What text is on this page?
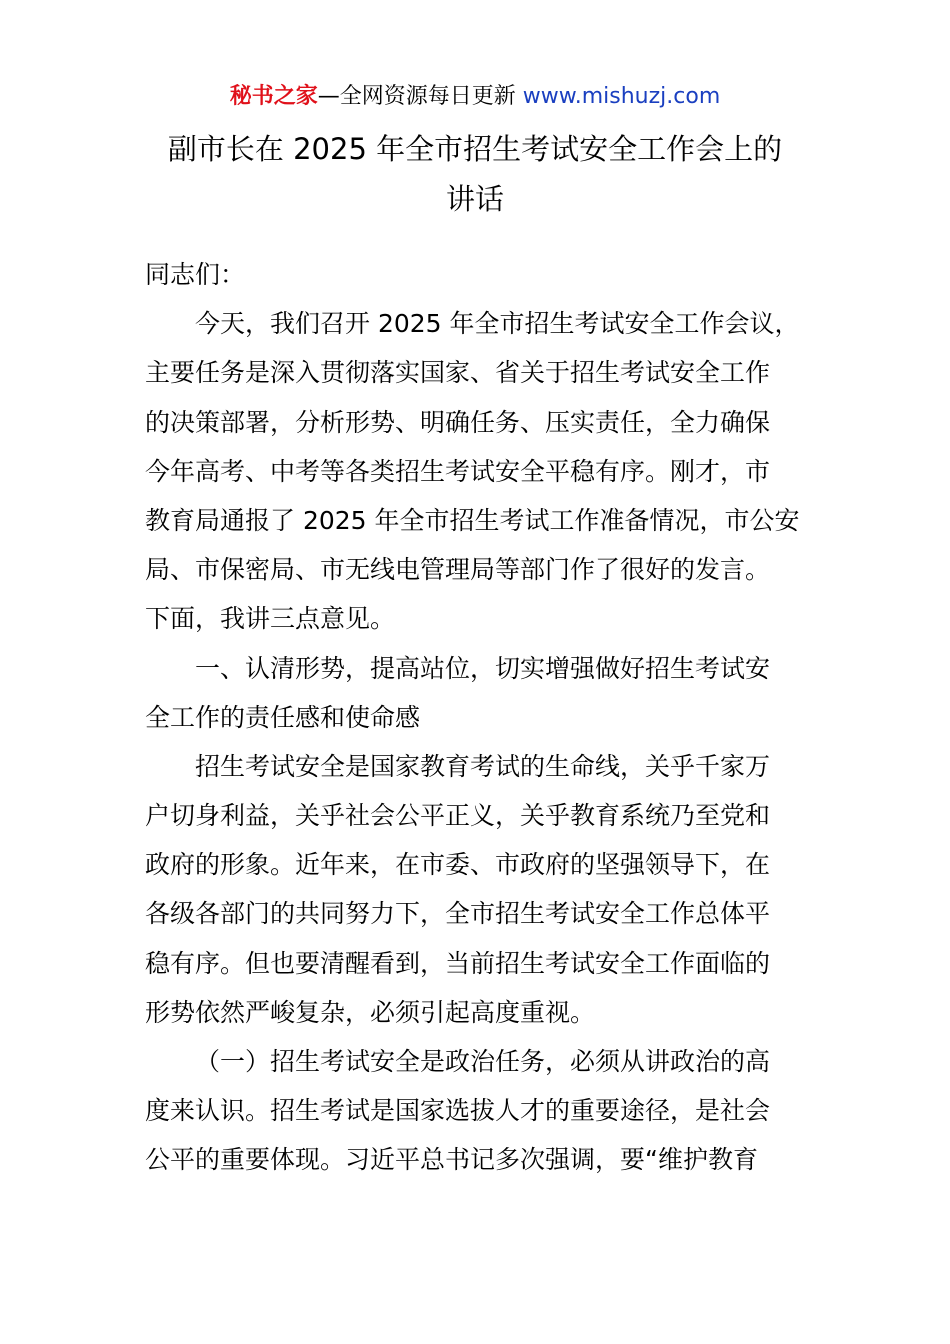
秘书之家—全网资源每日更新 www.mishuzj.com
副市长在 2025 年全市招生考试安全工作会上的
讲话
同志们：
今天，我们召开 2025 年全市招生考试安全工作会议，
主要任务是深入贯彻落实国家、省关于招生考试安全工作
的决策部署，分析形势、明确任务、压实责任，全力确保
今年高考、中考等各类招生考试安全平稳有序。刚才，市
教育局通报了 2025 年全市招生考试工作准备情况，市公安
局、市保密局、市无线电管理局等部门作了很好的发言。
下面，我讲三点意见。
一、认清形势，提高站位，切实增强做好招生考试安
全工作的责任感和使命感
招生考试安全是国家教育考试的生命线，关乎千家万
户切身利益，关乎社会公平正义，关乎教育系统乃至党和
政府的形象。近年来，在市委、市政府的坚强领导下，在
各级各部门的共同努力下，全市招生考试安全工作总体平
稳有序。但也要清醒看到，当前招生考试安全工作面临的
形势依然严峻复杂，必须引起高度重视。
（一）招生考试安全是政治任务，必须从讲政治的高
度来认识。招生考试是国家选拔人才的重要途径，是社会
公平的重要体现。习近平总书记多次强调，要“维护教育
